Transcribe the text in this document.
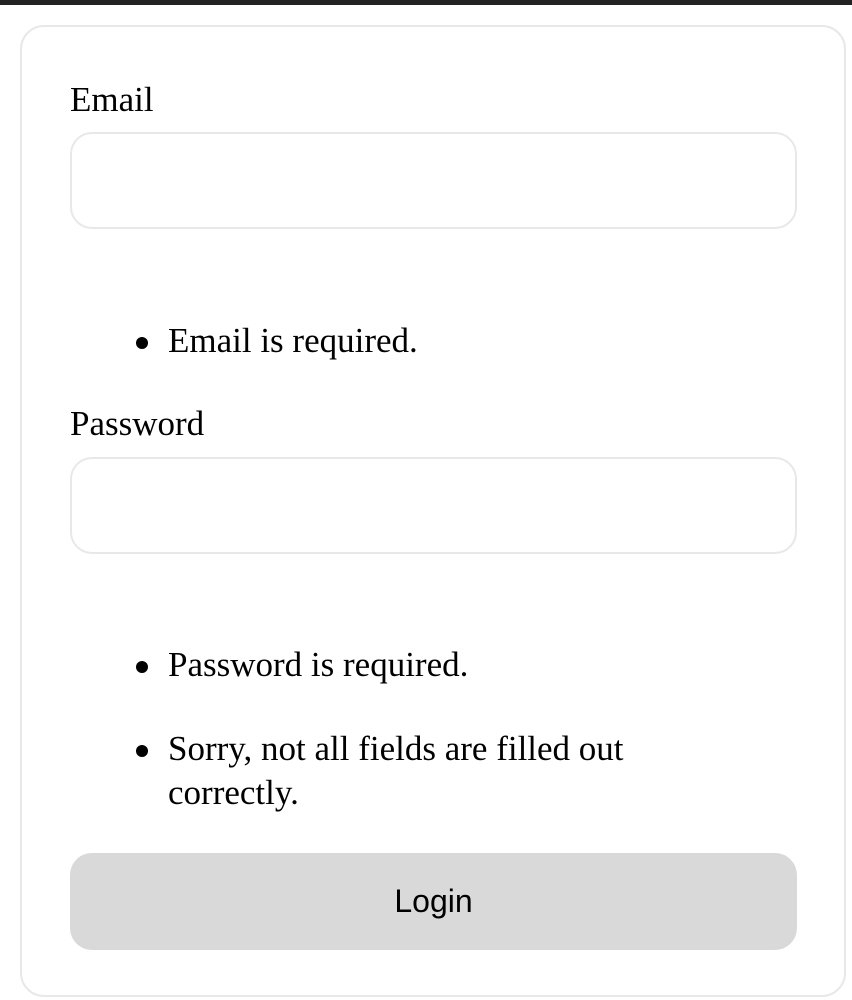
Email
Email is required.
Password
Password is required.
Sorry, not all fields are filled out correctly.
Login
